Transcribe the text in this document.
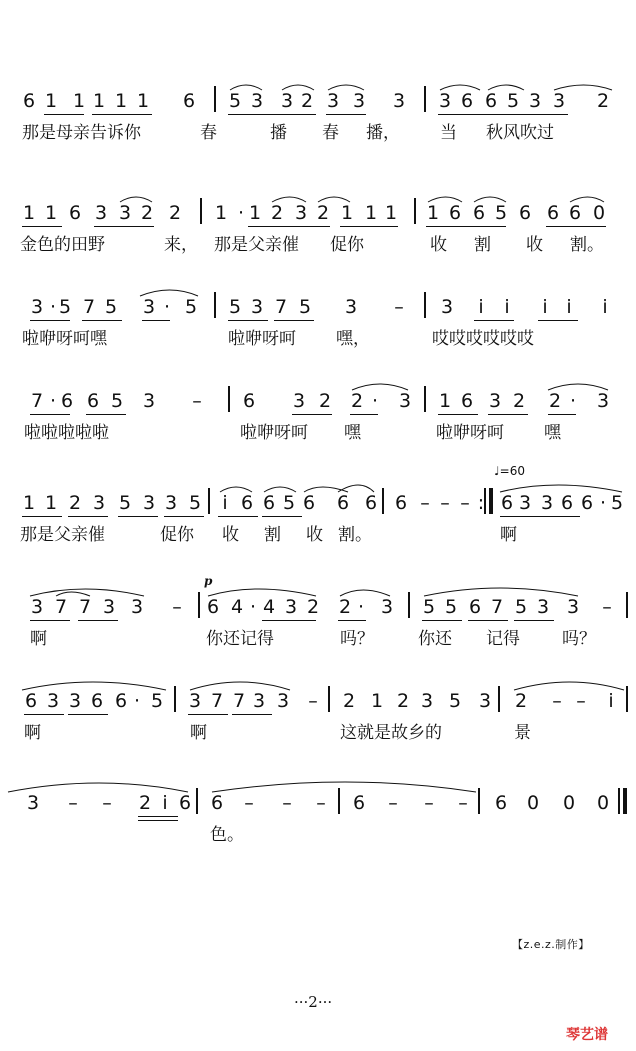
6 1 1 1 1 1 6 5 3 3 2 3 3 3 3 6 6 5 3 3 2
那是母亲告诉你	春	播 春 播， 当 秋风吹过
1 1 6 3 3 2 2 1 · 1 2 3 2 1 1 1 1 6 6 5 6 6 6 0
金色的田野	来， 那是父亲催 促你	收 割 收 割。
3 · 5 7 5 3 · 5 5 3 7 5 3 – 3 i i i i i
啦咿呀呵嘿	啦咿呀呵 嘿，	哎哎哎哎哎哎
7 · 6 6 5 3 – 6 3 2 2 · 3 1 6 3 2 2 · 3
啦啦啦啦啦	啦咿呀呵 嘿	啦咿呀呵 嘿
♩=60
1 1 2 3 5 3 3 5 i 6 6 5 6 6 6 6 – – – : 6 3 3 6 6 · 5
那是父亲催	促你 收 割 收 割。	啊
p
3 7 7 3 3 – 6 4 · 4 3 2 2 · 3 5 5 6 7 5 3 3 –
啊	你还记得	吗？	你还 记得 吗？
6 3 3 6 6 · 5 3 7 7 3 3 – 2 1 2 3 5 3 2 – – i
啊	啊	这就是故乡的	景
3 – – 2 i 6 6 – – – 6 – – – 6 0 0 0
色。
【z.e.z.制作】
···2···
琴艺谱
